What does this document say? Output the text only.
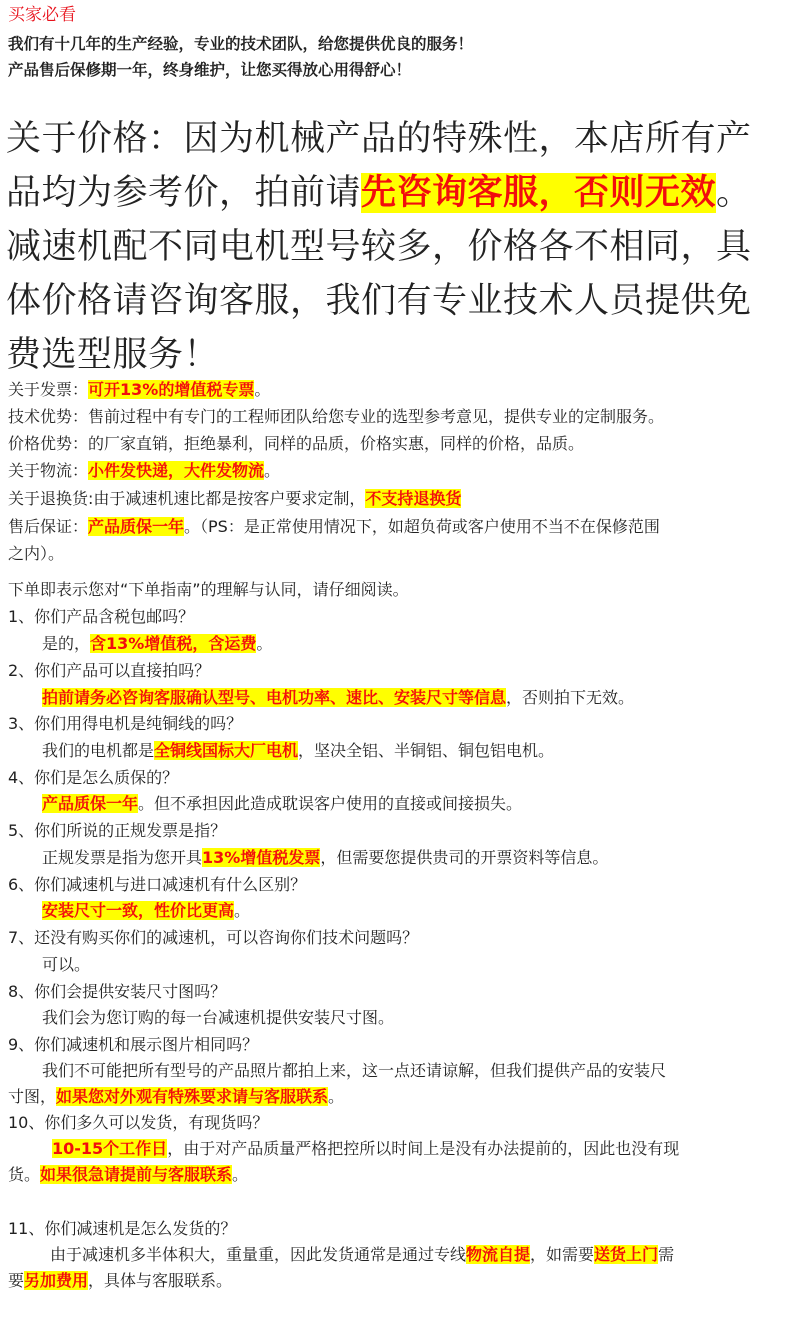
买家必看
我们有十几年的生产经验，专业的技术团队，给您提供优良的服务！
产品售后保修期一年，终身维护，让您买得放心用得舒心！
关于价格：因为机械产品的特殊性，本店所有产
品均为参考价，拍前请先咨询客服，否则无效。
减速机配不同电机型号较多，价格各不相同，具
体价格请咨询客服，我们有专业技术人员提供免
费选型服务！
关于发票：可开13%的增值税专票。
技术优势：售前过程中有专门的工程师团队给您专业的选型参考意见，提供专业的定制服务。
价格优势：的厂家直销，拒绝暴利，同样的品质，价格实惠，同样的价格，品质。
关于物流：小件发快递，大件发物流。
关于退换货:由于减速机速比都是按客户要求定制，不支持退换货
售后保证：产品质保一年。（PS：是正常使用情况下，如超负荷或客户使用不当不在保修范围
之内）。
下单即表示您对“下单指南”的理解与认同，请仔细阅读。
1、你们产品含税包邮吗？
是的，含13%增值税，含运费。
2、你们产品可以直接拍吗？
拍前请务必咨询客服确认型号、电机功率、速比、安装尺寸等信息，否则拍下无效。
3、你们用得电机是纯铜线的吗？
我们的电机都是全铜线国标大厂电机，坚决全铝、半铜铝、铜包铝电机。
4、你们是怎么质保的？
产品质保一年。但不承担因此造成耽误客户使用的直接或间接损失。
5、你们所说的正规发票是指？
正规发票是指为您开具13%增值税发票，但需要您提供贵司的开票资料等信息。
6、你们减速机与进口减速机有什么区别？
安装尺寸一致，性价比更高。
7、还没有购买你们的减速机，可以咨询你们技术问题吗？
可以。
8、你们会提供安装尺寸图吗？
我们会为您订购的每一台减速机提供安装尺寸图。
9、你们减速机和展示图片相同吗？
我们不可能把所有型号的产品照片都拍上来，这一点还请谅解，但我们提供产品的安装尺
寸图，如果您对外观有特殊要求请与客服联系。
10、你们多久可以发货，有现货吗？
10-15个工作日，由于对产品质量严格把控所以时间上是没有办法提前的，因此也没有现
货。如果很急请提前与客服联系。
11、你们减速机是怎么发货的？
由于减速机多半体积大，重量重，因此发货通常是通过专线物流自提，如需要送货上门需
要另加费用，具体与客服联系。
